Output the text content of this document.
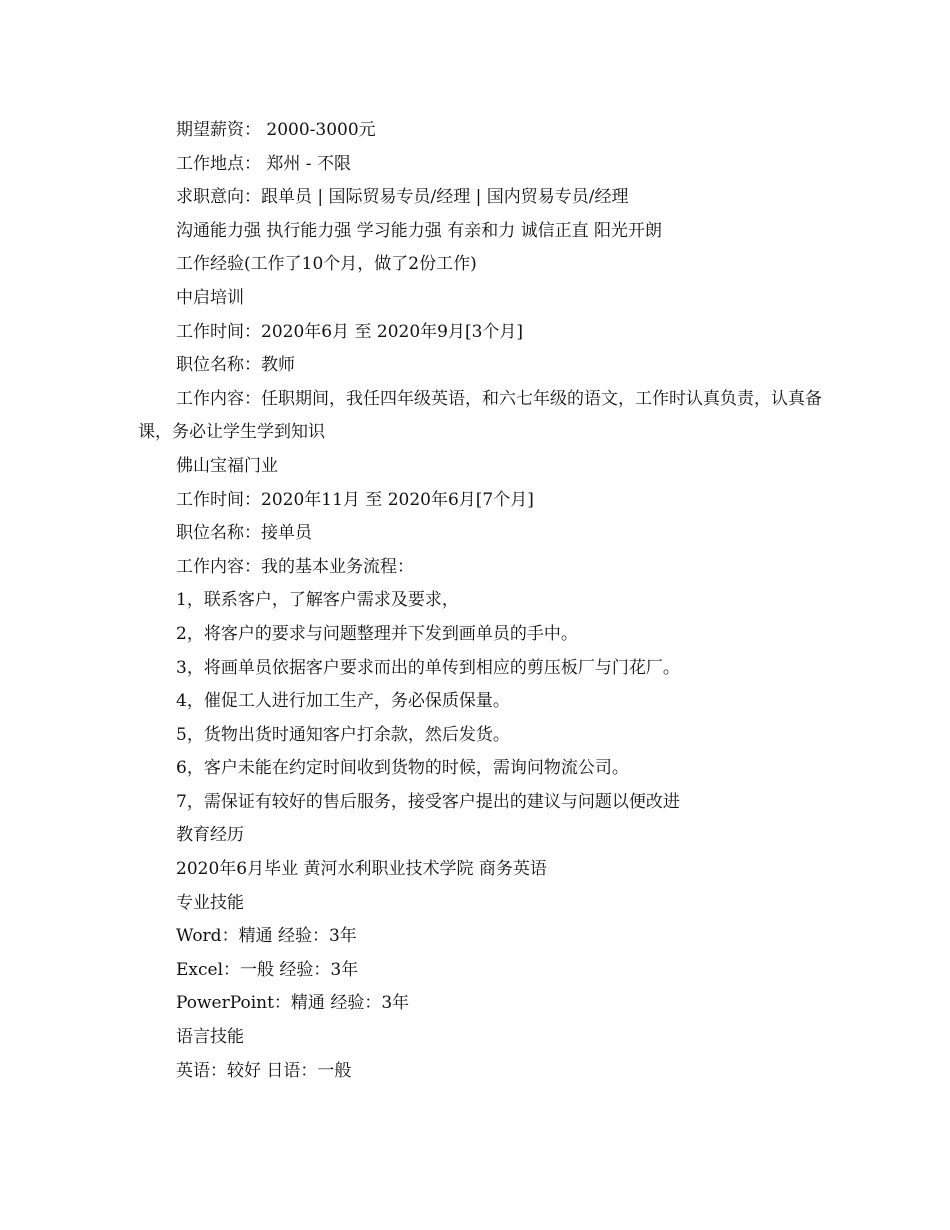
期望薪资： 2000-3000元
工作地点： 郑州 - 不限
求职意向：跟单员 | 国际贸易专员/经理 | 国内贸易专员/经理
沟通能力强 执行能力强 学习能力强 有亲和力 诚信正直 阳光开朗
工作经验(工作了10个月，做了2份工作)
中启培训
工作时间：2020年6月 至 2020年9月[3个月]
职位名称：教师
工作内容：任职期间，我任四年级英语，和六七年级的语文，工作时认真负责，认真备课，务必让学生学到知识
佛山宝福门业
工作时间：2020年11月 至 2020年6月[7个月]
职位名称：接单员
工作内容：我的基本业务流程：
1，联系客户，了解客户需求及要求，
2，将客户的要求与问题整理并下发到画单员的手中。
3，将画单员依据客户要求而出的单传到相应的剪压板厂与门花厂。
4，催促工人进行加工生产，务必保质保量。
5，货物出货时通知客户打余款，然后发货。
6，客户未能在约定时间收到货物的时候，需询问物流公司。
7，需保证有较好的售后服务，接受客户提出的建议与问题以便改进
教育经历
2020年6月毕业 黄河水利职业技术学院 商务英语
专业技能
Word：精通 经验：3年
Excel：一般 经验：3年
PowerPoint：精通 经验：3年
语言技能
英语：较好 日语：一般
